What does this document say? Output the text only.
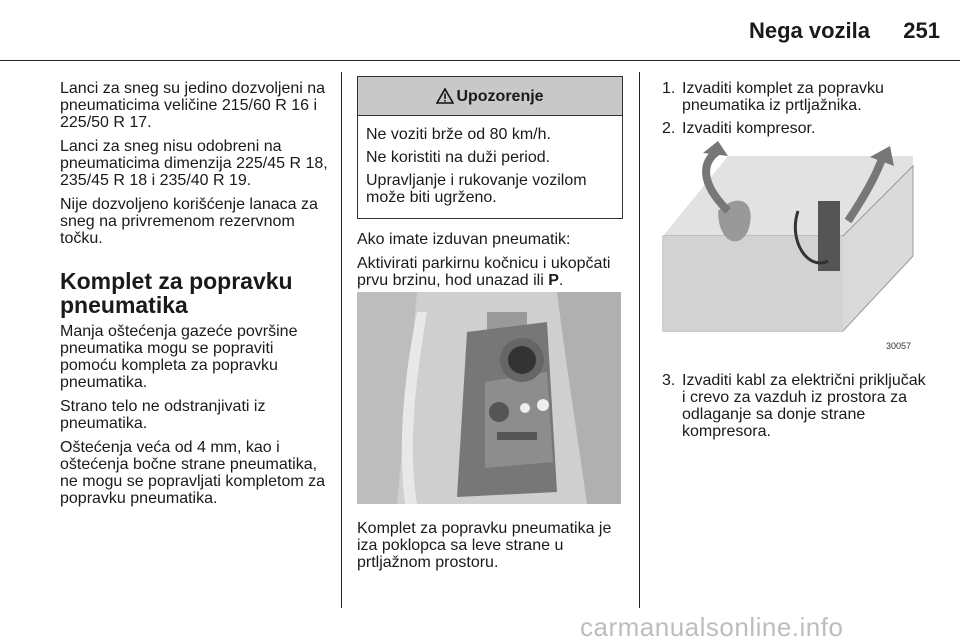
Nega vozila	251

Lanci za sneg su jedino dozvoljeni na pneumaticima veličine 215/60 R 16 i 225/50 R 17.

Lanci za sneg nisu odobreni na pneumaticima dimenzija 225/45 R 18, 235/45 R 18 i 235/40 R 19.

Nije dozvoljeno korišćenje lanaca za sneg na privremenom rezervnom točku.

Komplet za popravku pneumatika

Manja oštećenja gazeće površine pneumatika mogu se popraviti pomoću kompleta za popravku pneumatika.

Strano telo ne odstranjivati iz pneumatika.

Oštećenja veća od 4 mm, kao i oštećenja bočne strane pneumatika, ne mogu se popravljati kompletom za popravku pneumatika.

Upozorenje

Ne voziti brže od 80 km/h.

Ne koristiti na duži period.

Upravljanje i rukovanje vozilom može biti ugrženo.

Ako imate izduvan pneumatik:

Aktivirati parkirnu kočnicu i ukopčati prvu brzinu, hod unazad ili P.

Komplet za popravku pneumatika je iza poklopca sa leve strane u prtljažnom prostoru.

1. Izvaditi komplet za popravku pneumatika iz prtljažnika.
2. Izvaditi kompresor.
30057
3. Izvaditi kabl za električni priključak i crevo za vazduh iz prostora za odlaganje sa donje strane kompresora.
carmanualsonline.info
